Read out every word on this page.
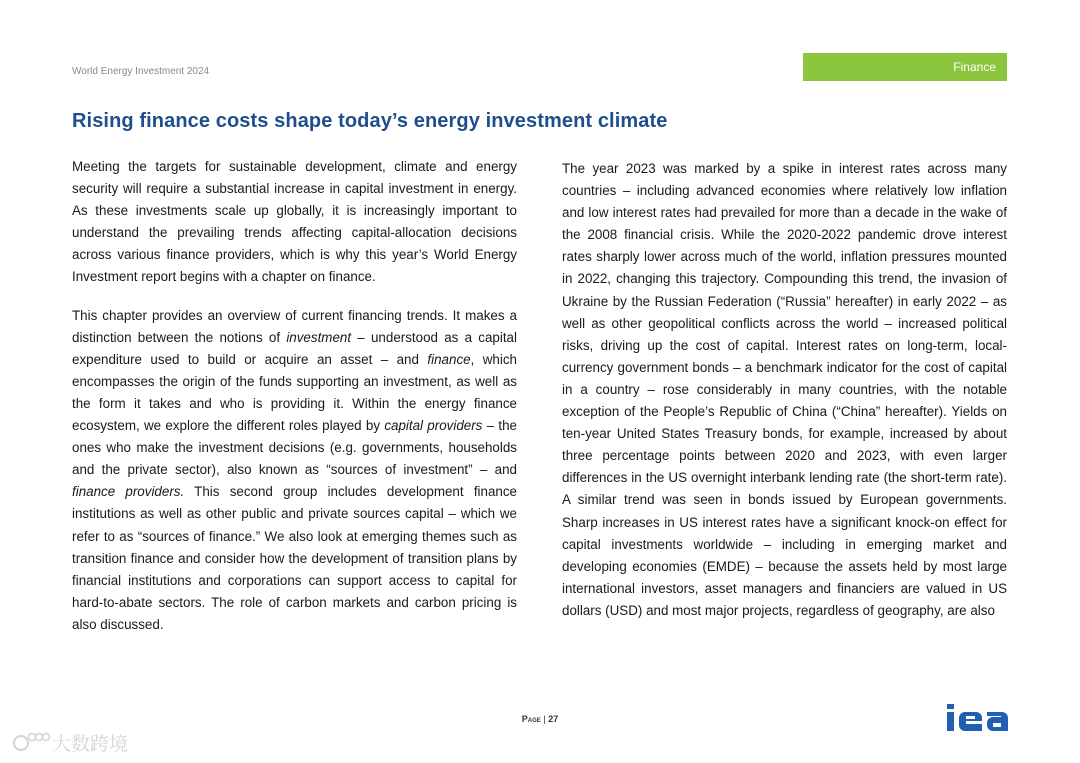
World Energy Investment 2024	Finance
Rising finance costs shape today’s energy investment climate

Meeting the targets for sustainable development, climate and energy security will require a substantial increase in capital investment in energy. As these investments scale up globally, it is increasingly important to understand the prevailing trends affecting capital-allocation decisions across various finance providers, which is why this year’s World Energy Investment report begins with a chapter on finance.

This chapter provides an overview of current financing trends. It makes a distinction between the notions of investment – understood as a capital expenditure used to build or acquire an asset – and finance, which encompasses the origin of the funds supporting an investment, as well as the form it takes and who is providing it. Within the energy finance ecosystem, we explore the different roles played by capital providers – the ones who make the investment decisions (e.g. governments, households and the private sector), also known as “sources of investment” – and finance providers. This second group includes development finance institutions as well as other public and private sources capital – which we refer to as “sources of finance.” We also look at emerging themes such as transition finance and consider how the development of transition plans by financial institutions and corporations can support access to capital for hard-to-abate sectors. The role of carbon markets and carbon pricing is also discussed.

The year 2023 was marked by a spike in interest rates across many countries – including advanced economies where relatively low inflation and low interest rates had prevailed for more than a decade in the wake of the 2008 financial crisis. While the 2020-2022 pandemic drove interest rates sharply lower across much of the world, inflation pressures mounted in 2022, changing this trajectory. Compounding this trend, the invasion of Ukraine by the Russian Federation (“Russia” hereafter) in early 2022 – as well as other geopolitical conflicts across the world – increased political risks, driving up the cost of capital. Interest rates on long-term, local-currency government bonds – a benchmark indicator for the cost of capital in a country – rose considerably in many countries, with the notable exception of the People’s Republic of China (“China” hereafter). Yields on ten-year United States Treasury bonds, for example, increased by about three percentage points between 2020 and 2023, with even larger differences in the US overnight interbank lending rate (the short-term rate). A similar trend was seen in bonds issued by European governments. Sharp increases in US interest rates have a significant knock-on effect for capital investments worldwide – including in emerging market and developing economies (EMDE) – because the assets held by most large international investors, asset managers and financiers are valued in US dollars (USD) and most major projects, regardless of geography, are also

Page | 27
大数跨境
